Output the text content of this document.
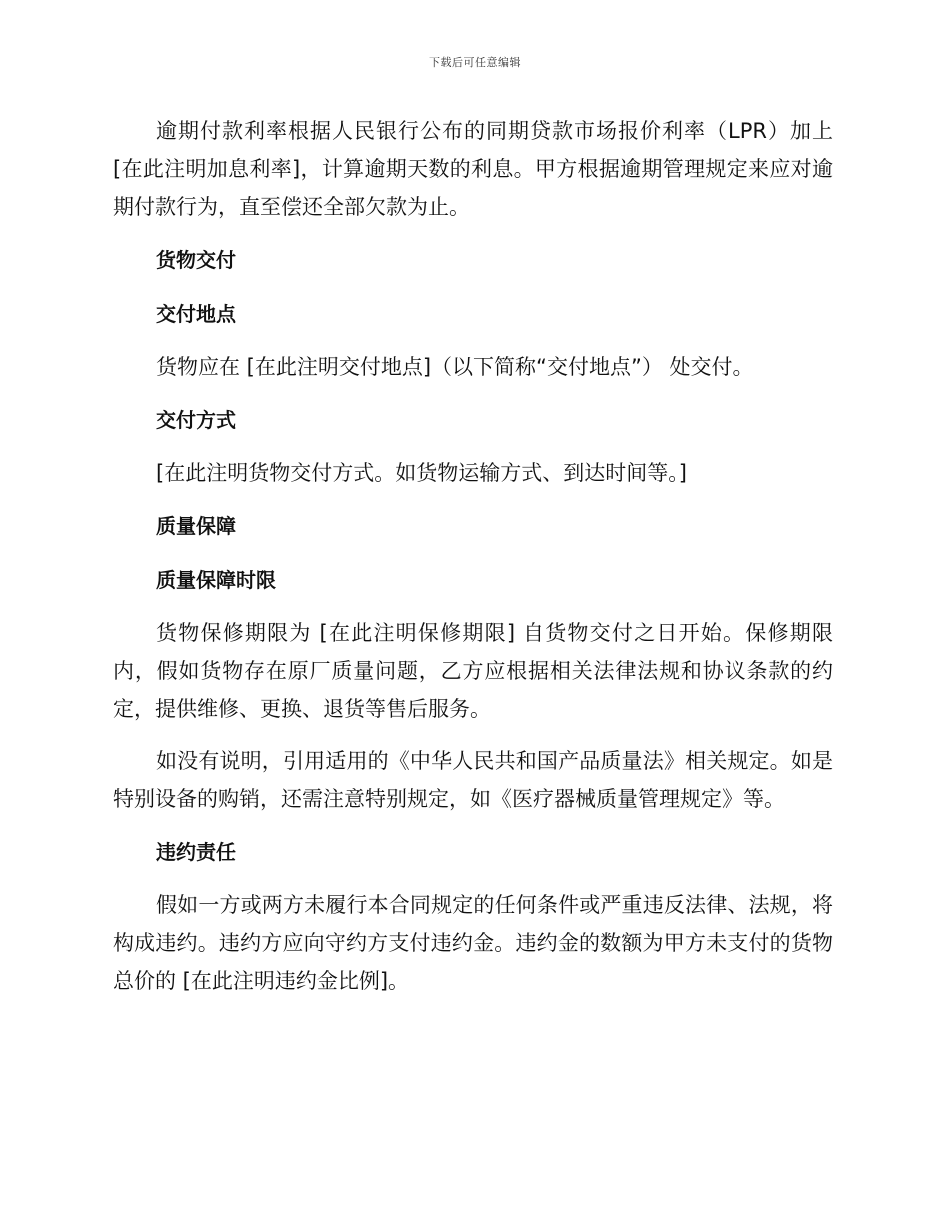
下载后可任意编辑

逾期付款利率根据人民银行公布的同期贷款市场报价利率（LPR）加上[在此注明加息利率]，计算逾期天数的利息。甲方根据逾期管理规定来应对逾期付款行为，直至偿还全部欠款为止。

货物交付

交付地点

货物应在 [在此注明交付地点]（以下简称“交付地点”） 处交付。

交付方式

[在此注明货物交付方式。如货物运输方式、到达时间等。]

质量保障

质量保障时限

货物保修期限为 [在此注明保修期限] 自货物交付之日开始。保修期限内，假如货物存在原厂质量问题，乙方应根据相关法律法规和协议条款的约定，提供维修、更换、退货等售后服务。

如没有说明，引用适用的《中华人民共和国产品质量法》相关规定。如是特别设备的购销，还需注意特别规定，如《医疗器械质量管理规定》等。

违约责任

假如一方或两方未履行本合同规定的任何条件或严重违反法律、法规，将构成违约。违约方应向守约方支付违约金。违约金的数额为甲方未支付的货物总价的 [在此注明违约金比例]。
